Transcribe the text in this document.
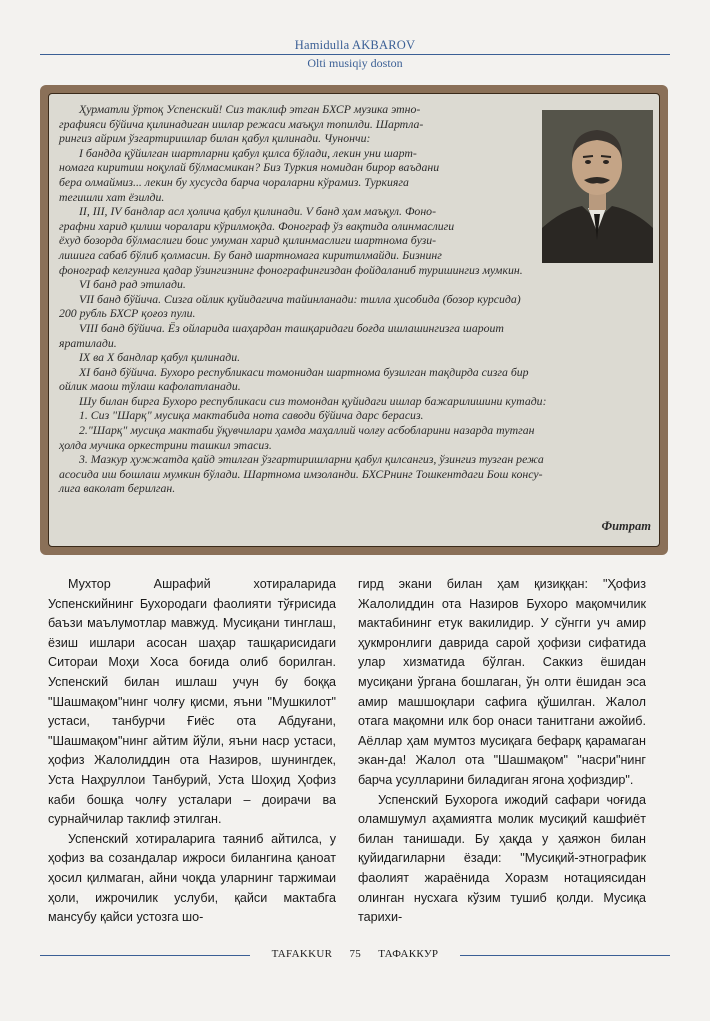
Hamidulla AKBAROV
Olti musiqiy doston

Ҳурматли ўртоқ Успенский! Сиз таклиф этган БХСР музика этно-

графияси бўйича қилинадиган ишлар режаси маъқул топилди. Шартла-

рингиз айрим ўзгартиришлар билан қабул қилинади. Чунончи:

I бандда қўйилган шартларни қабул қилса бўлади, лекин уни шарт-

номага киритиш ноқулай бўлмасмикан? Биз Туркия номидан бирор ваъдани

бера олмаймиз... лекин бу хусусда барча чораларни кўрамиз. Туркияга

тегишли хат ёзилди.

II, III, IV бандлар асл ҳолича қабул қилинади. V банд ҳам маъқул. Фоно-

графни харид қилиш чоралари кўрилмоқда. Фонограф ўз вақтида олинмаслиги

ёхуд бозорда бўлмаслиги боис умуман харид қилинмаслиги шартнома бузи-

лишига сабаб бўлиб қолмасин. Бу банд шартномага киритилмайди. Бизнинг

фонограф келгунига қадар ўзингизнинг фонографингиздан фойдаланиб туришингиз мумкин.

VI банд рад этилади.

VII банд бўйича. Сизга ойлик қуйидагича тайинланади: тилла ҳисобида (бозор курсида)

200 рубль БХСР қоғоз пули.

VIII банд бўйича. Ёз ойларида шаҳардан ташқаридаги боғда ишлашингизга шароит

яратилади.

IX ва X бандлар қабул қилинади.

XI банд бўйича. Бухоро республикаси томонидан шартнома бузилган тақдирда сизга бир

ойлик маош тўлаш кафолатланади.

Шу билан бирга Бухоро республикаси сиз томондан қуйидаги ишлар бажарилишини кутади:

1. Сиз "Шарқ" мусиқа мактабида нота саводи бўйича дарс берасиз.

2."Шарқ" мусиқа мактаби ўқувчилари ҳамда маҳаллий чолғу асбобларини назарда тутган

ҳолда мучика оркестрини ташкил этасиз.

3. Мазкур ҳужжатда қайд этилган ўзгартиришларни қабул қилсангиз, ўзингиз тузган режа

асосида иш бошлаш мумкин бўлади. Шартнома имзоланди. БХСРнинг Тошкентдаги Бош консу-

лига ваколат берилган.

Фитрат

Мухтор Ашрафий хотираларида Успенскийнинг Бухородаги фаолияти тўғрисида баъзи маълумотлар мавжуд. Мусиқани тинглаш, ёзиш ишлари асосан шаҳар ташқарисидаги Ситораи Моҳи Хоса боғида олиб борилган. Успенский билан ишлаш учун бу боққа "Шашмақом"нинг чолғу қисми, яъни "Мушкилот" устаси, танбурчи Ғиёс ота Абдуғани, "Шашмақом"нинг айтим йўли, яъни наср устаси, ҳофиз Жалолиддин ота Назиров, шунингдек, Уста Наҳруллои Танбурий, Уста Шоҳид Ҳофиз каби бошқа чолғу усталари – доирачи ва сурнайчилар таклиф этилган.

Успенский хотираларига таяниб айтилса, у ҳофиз ва созандалар ижроси билангина қаноат ҳосил қилмаган, айни чоқда уларнинг таржимаи ҳоли, ижрочилик услуби, қайси мактабга мансубу қайси устозга шо-

гирд экани билан ҳам қизиққан: "Ҳофиз Жалолиддин ота Назиров Бухоро мақомчилик мактабининг етук вакилидир. У сўнгги уч амир ҳукмронлиги даврида сарой ҳофизи сифатида улар хизматида бўлган. Саккиз ёшидан мусиқани ўргана бошлаган, ўн олти ёшидан эса амир машшоқлари сафига қўшилган. Жалол отага мақомни илк бор онаси танитгани ажойиб. Аёллар ҳам мумтоз мусиқага бефарқ қарамаган экан-да! Жалол ота "Шашмақом" "насри"нинг барча усулларини биладиган ягона ҳофиздир".

Успенский Бухорога ижодий сафари чоғида оламшумул аҳамиятга молик мусиқий кашфиёт билан танишади. Бу ҳақда у ҳаяжон билан қуйидагиларни ёзади: "Мусиқий-этнографик фаолият жараёнида Хоразм нотациясидан олинган нусхага кўзим тушиб қолди. Мусиқа тарихи-

TAFAKKUR 75 ТАФАККУР
